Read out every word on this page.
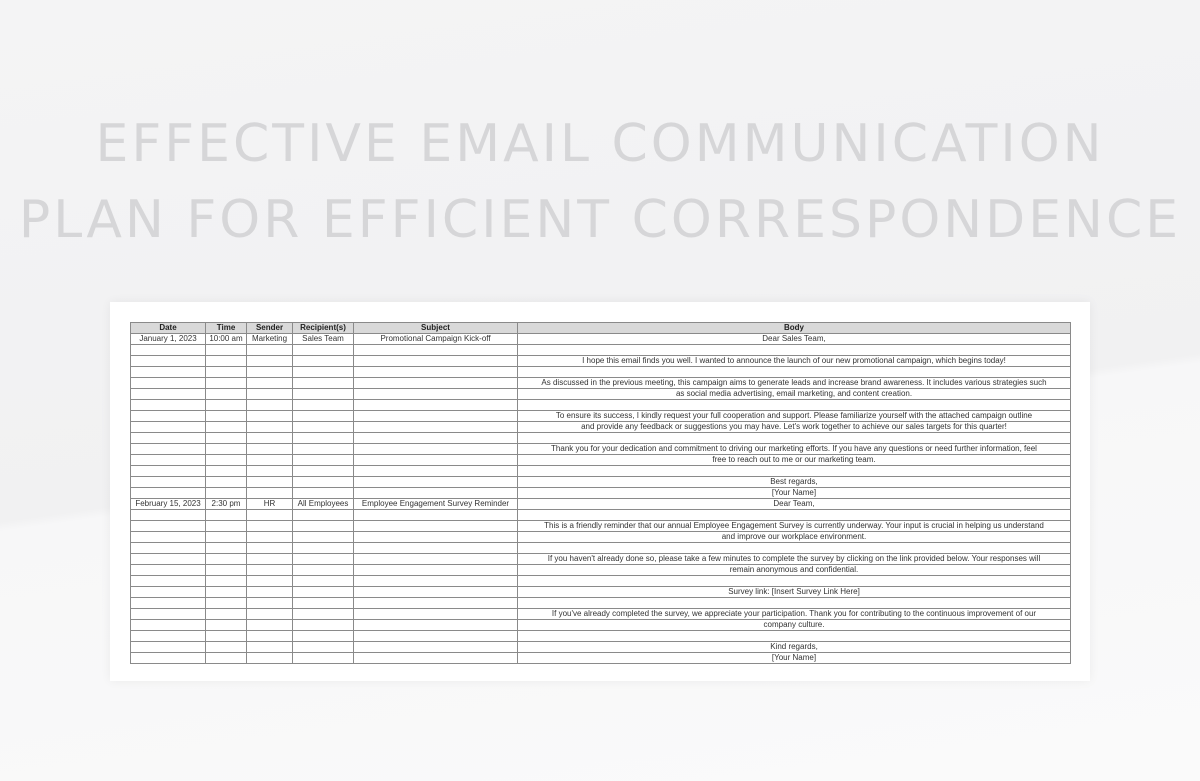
EFFECTIVE EMAIL COMMUNICATION
PLAN FOR EFFICIENT CORRESPONDENCE
Date	Time	Sender	Recipient(s)	Subject	Body
January 1, 2023	10:00 am	Marketing	Sales Team	Promotional Campaign Kick-off	Dear Sales Team,

					I hope this email finds you well. I wanted to announce the launch of our new promotional campaign, which begins today!

					As discussed in the previous meeting, this campaign aims to generate leads and increase brand awareness. It includes various strategies such
					as social media advertising, email marketing, and content creation.

					To ensure its success, I kindly request your full cooperation and support. Please familiarize yourself with the attached campaign outline
					and provide any feedback or suggestions you may have. Let's work together to achieve our sales targets for this quarter!

					Thank you for your dedication and commitment to driving our marketing efforts. If you have any questions or need further information, feel
					free to reach out to me or our marketing team.

					Best regards,
					[Your Name]
February 15, 2023	2:30 pm	HR	All Employees	Employee Engagement Survey Reminder	Dear Team,

					This is a friendly reminder that our annual Employee Engagement Survey is currently underway. Your input is crucial in helping us understand
					and improve our workplace environment.

					If you haven't already done so, please take a few minutes to complete the survey by clicking on the link provided below. Your responses will
					remain anonymous and confidential.

					Survey link: [Insert Survey Link Here]

					If you've already completed the survey, we appreciate your participation. Thank you for contributing to the continuous improvement of our
					company culture.

					Kind regards,
					[Your Name]
